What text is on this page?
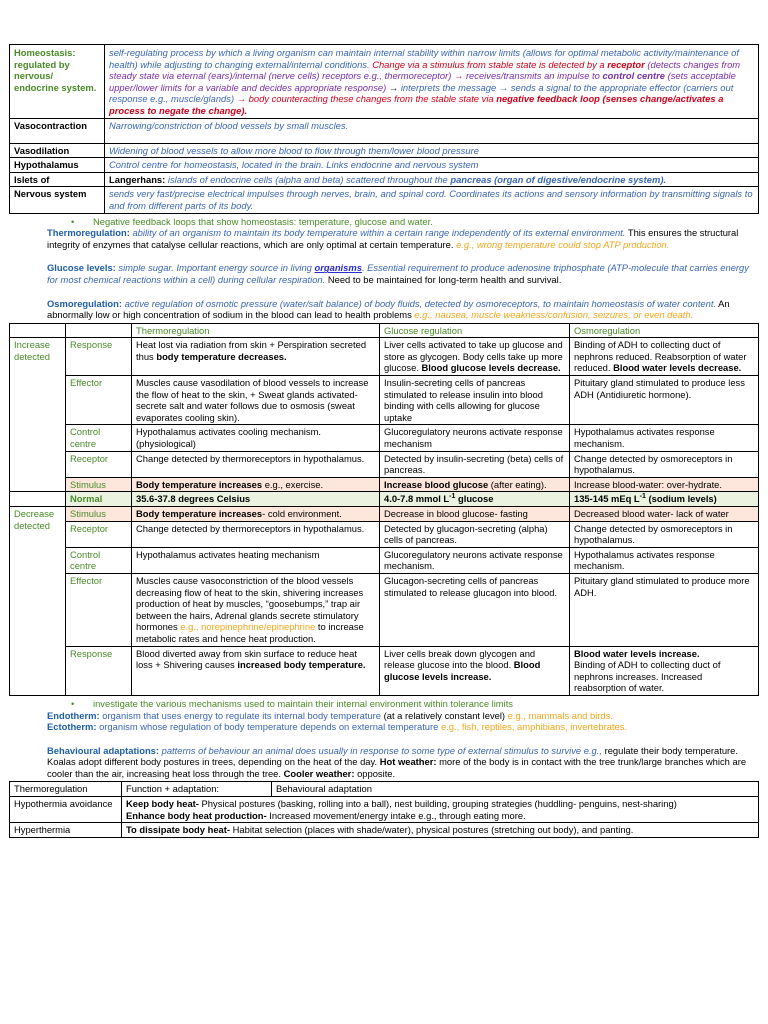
Homeostasis: regulated by nervous/ endocrine system.	self-regulating process by which a living organism can maintain internal stability within narrow limits (allows for optimal metabolic activity/maintenance of health) while adjusting to changing external/internal conditions. Change via a stimulus from stable state is detected by a receptor (detects changes from steady state via eternal (ears)/internal (nerve cells) receptors e.g., thermoreceptor) → receives/transmits an impulse to control centre (sets acceptable upper/lower limits for a variable and decides appropriate response) → interprets the message → sends a signal to the appropriate effector (carriers out response e.g., muscle/glands) → body counteracting these changes from the stable state via negative feedback loop (senses change/activates a process to negate the change).
Vasocontraction	Narrowing/constriction of blood vessels by small muscles.
Vasodilation	Widening of blood vessels to allow more blood to flow through them/lower blood pressure
Hypothalamus	Control centre for homeostasis, located in the brain. Links endocrine and nervous system
Islets of	Langerhans: islands of endocrine cells (alpha and beta) scattered throughout the pancreas (organ of digestive/endocrine system).
Nervous system	sends very fast/precise electrical impulses through nerves, brain, and spinal cord. Coordinates its actions and sensory information by transmitting signals to and from different parts of its body.
• Negative feedback loops that show homeostasis: temperature, glucose and water.

Thermoregulation: ability of an organism to maintain its body temperature within a certain range independently of its external environment. This ensures the structural integrity of enzymes that catalyse cellular reactions, which are only optimal at certain temperature. e.g., wrong temperature could stop ATP production.

Glucose levels: simple sugar. Important energy source in living organisms. Essential requirement to produce adenosine triphosphate (ATP-molecule that carries energy for most chemical reactions within a cell) during cellular respiration. Need to be maintained for long-term health and survival.

Osmoregulation: active regulation of osmotic pressure (water/salt balance) of body fluids, detected by osmoreceptors, to maintain homeostasis of water content. An abnormally low or high concentration of sodium in the blood can lead to health problems e.g., nausea, muscle weakness/confusion, seizures, or even death.

		Thermoregulation	Glucose regulation	Osmoregulation
Increase detected	Response	Heat lost via radiation from skin + Perspiration secreted thus body temperature decreases.	Liver cells activated to take up glucose and store as glycogen. Body cells take up more glucose. Blood glucose levels decrease.	Binding of ADH to collecting duct of nephrons reduced. Reabsorption of water reduced. Blood water levels decrease.
	Effector	Muscles cause vasodilation of blood vessels to increase the flow of heat to the skin, + Sweat glands activated- secrete salt and water follows due to osmosis (sweat evaporates cooling skin).	Insulin-secreting cells of pancreas stimulated to release insulin into blood binding with cells allowing for glucose uptake	Pituitary gland stimulated to produce less ADH (Antidiuretic hormone).
	Control centre	Hypothalamus activates cooling mechanism. (physiological)	Glucoregulatory neurons activate response mechanism	Hypothalamus activates response mechanism.
	Receptor	Change detected by thermoreceptors in hypothalamus.	Detected by insulin-secreting (beta) cells of pancreas.	Change detected by osmoreceptors in hypothalamus.
	Stimulus	Body temperature increases e.g., exercise.	Increase blood glucose (after eating).	Increase blood-water: over-hydrate.
	Normal	35.6-37.8 degrees Celsius	4.0-7.8 mmol $L^{-1}$ glucose	135-145 mEq $L^{-1}$ (sodium levels)
Decrease detected	Stimulus	Body temperature increases- cold environment.	Decrease in blood glucose- fasting	Decreased blood water- lack of water
	Receptor	Change detected by thermoreceptors in hypothalamus.	Detected by glucagon-secreting (alpha) cells of pancreas.	Change detected by osmoreceptors in hypothalamus.
	Control centre	Hypothalamus activates heating mechanism	Glucoregulatory neurons activate response mechanism.	Hypothalamus activates response mechanism.
	Effector	Muscles cause vasoconstriction of the blood vessels decreasing flow of heat to the skin, shivering increases production of heat by muscles, “goosebumps,” trap air between the hairs, Adrenal glands secrete stimulatory hormones e.g., norepinephrine/epinephrine to increase metabolic rates and hence heat production.	Glucagon-secreting cells of pancreas stimulated to release glucagon into blood.	Pituitary gland stimulated to produce more ADH.
	Response	Blood diverted away from skin surface to reduce heat loss + Shivering causes increased body temperature.	Liver cells break down glycogen and release glucose into the blood. Blood glucose levels increase.	Blood water levels increase.
Binding of ADH to collecting duct of nephrons increases. Increased reabsorption of water.
• investigate the various mechanisms used to maintain their internal environment within tolerance limits

Endotherm: organism that uses energy to regulate its internal body temperature (at a relatively constant level) e.g., mammals and birds.

Ectotherm: organism whose regulation of body temperature depends on external temperature e.g., fish, reptiles, amphibians, invertebrates.

Behavioural adaptations: patterns of behaviour an animal does usually in response to some type of external stimulus to survive e.g., regulate their body temperature. Koalas adopt different body postures in trees, depending on the heat of the day. Hot weather: more of the body is in contact with the tree trunk/large branches which are cooler than the air, increasing heat loss through the tree. Cooler weather: opposite.

Thermoregulation	Function + adaptation:	Behavioural adaptation
Hypothermia avoidance	Keep body heat- Physical postures (basking, rolling into a ball), nest building, grouping strategies (huddling- penguins, nest-sharing)
Enhance body heat production- Increased movement/energy intake e.g., through eating more.	
Hyperthermia	To dissipate body heat- Habitat selection (places with shade/water), physical postures (stretching out body), and panting.	
